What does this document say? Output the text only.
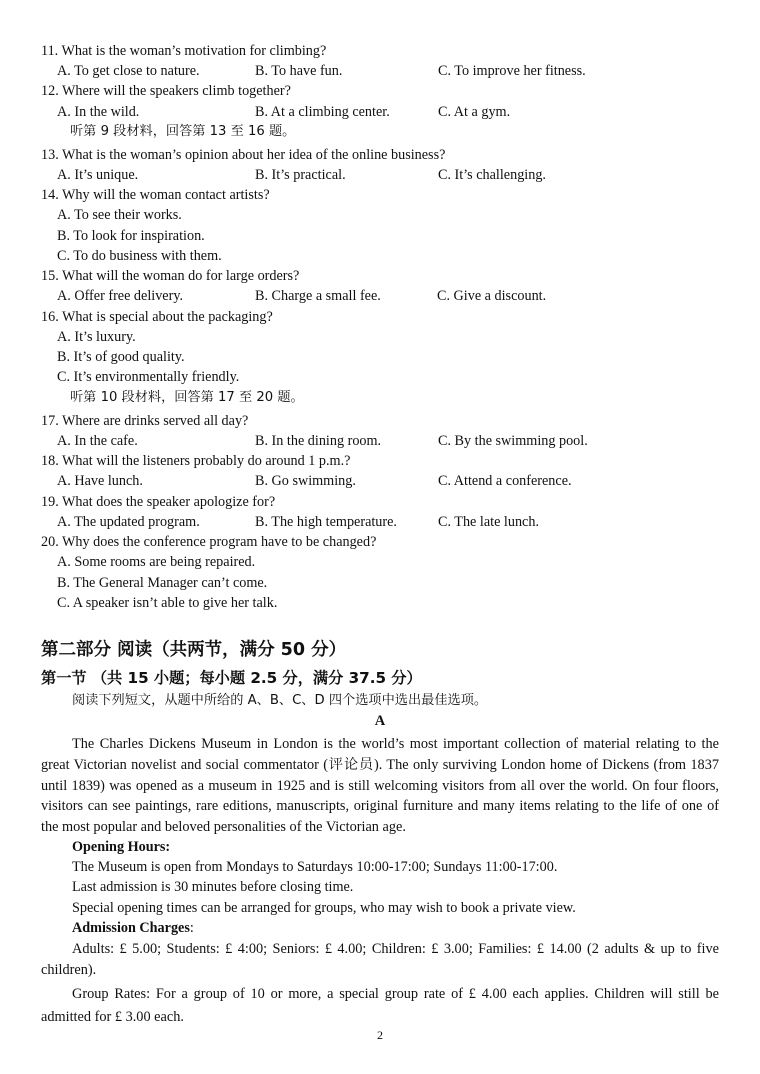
11. What is the woman’s motivation for climbing?
A. To get close to nature.	B. To have fun.	C. To improve her fitness.
12. Where will the speakers climb together?
A. In the wild.	B. At a climbing center.	C. At a gym.
听第 9 段材料，回答第 13 至 16 题。
13. What is the woman’s opinion about her idea of the online business?
A. It’s unique.	B. It’s practical.	C. It’s challenging.
14. Why will the woman contact artists?
A. To see their works.
B. To look for inspiration.
C. To do business with them.
15. What will the woman do for large orders?
A. Offer free delivery.	B. Charge a small fee.	C. Give a discount.
16. What is special about the packaging?
A. It’s luxury.
B. It’s of good quality.
C. It’s environmentally friendly.
听第 10 段材料，回答第 17 至 20 题。
17. Where are drinks served all day?
A. In the cafe.	B. In the dining room.	C. By the swimming pool.
18. What will the listeners probably do around 1 p.m.?
A. Have lunch.	B. Go swimming.	C. Attend a conference.
19. What does the speaker apologize for?
A. The updated program.	B. The high temperature.	C. The late lunch.
20. Why does the conference program have to be changed?
A. Some rooms are being repaired.
B. The General Manager can’t come.
C. A speaker isn’t able to give her talk.
第二部分 阅读（共两节，满分 50 分）
第一节 （共 15 小题；每小题 2.5 分，满分 37.5 分）
阅读下列短文，从题中所给的 A、B、C、D 四个选项中选出最佳选项。
A
The Charles Dickens Museum in London is the world’s most important collection of material relating to the great Victorian novelist and social commentator (评论员). The only surviving London home of Dickens (from 1837 until 1839) was opened as a museum in 1925 and is still welcoming visitors from all over the world. On four floors, visitors can see paintings, rare editions, manuscripts, original furniture and many items relating to the life of one of the most popular and beloved personalities of the Victorian age.
Opening Hours:
The Museum is open from Mondays to Saturdays 10:00-17:00; Sundays 11:00-17:00.
Last admission is 30 minutes before closing time.
Special opening times can be arranged for groups, who may wish to book a private view.
Admission Charges:
Adults: £ 5.00; Students: £ 4:00; Seniors: £ 4.00; Children: £ 3.00; Families: £ 14.00 (2 adults & up to five children).
Group Rates: For a group of 10 or more, a special group rate of £ 4.00 each applies. Children will still be admitted for £ 3.00 each.
2
